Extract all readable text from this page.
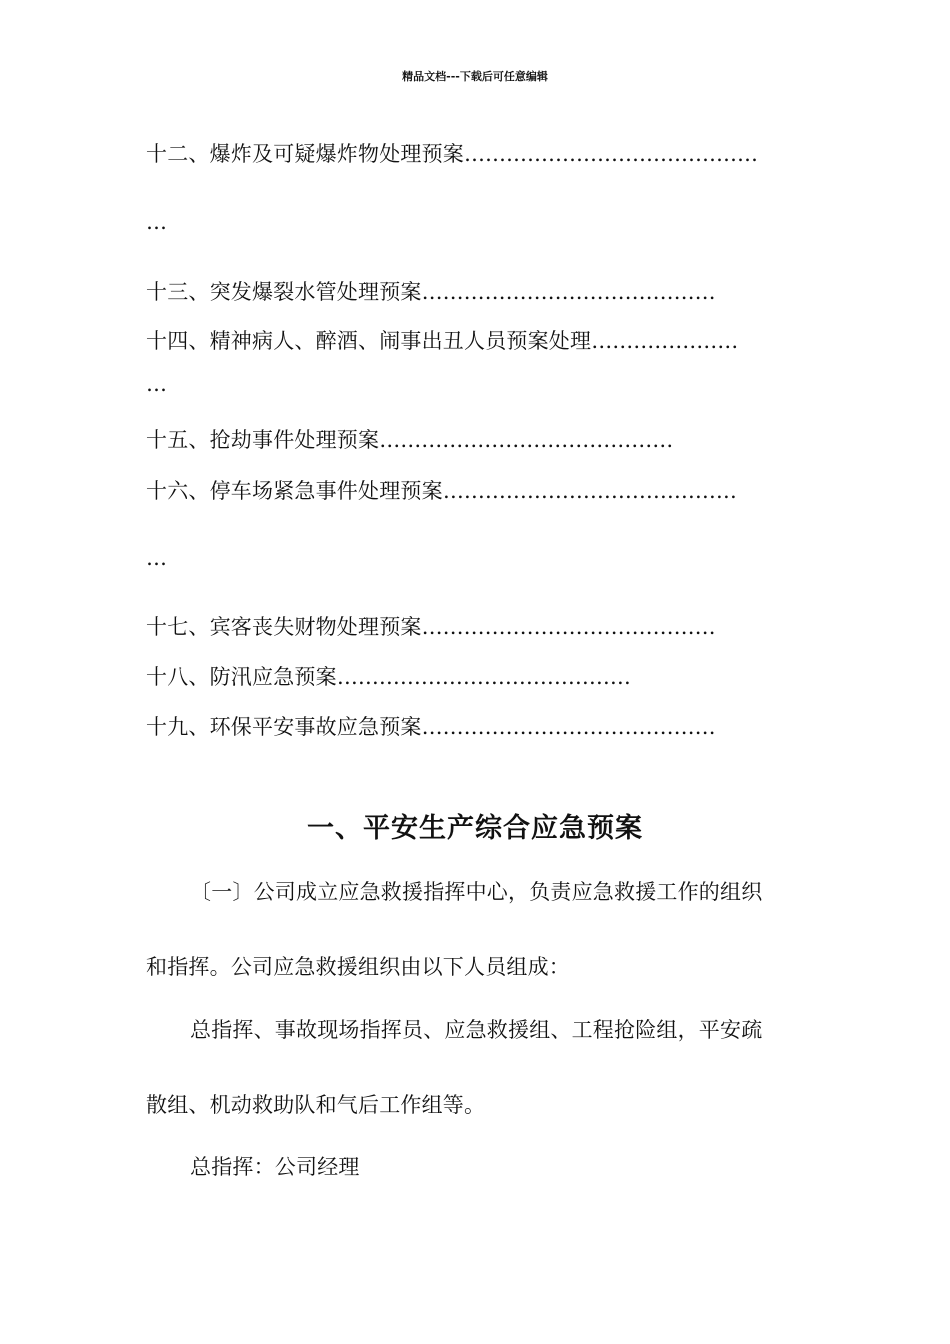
精品文档---下载后可任意编辑
十二、爆炸及可疑爆炸物处理预案……………………………………
…
十三、突发爆裂水管处理预案……………………………………
十四、精神病人、醉酒、闹事出丑人员预案处理…………………
…
十五、抢劫事件处理预案……………………………………
十六、停车场紧急事件处理预案……………………………………
…
十七、宾客丧失财物处理预案……………………………………
十八、防汛应急预案……………………………………
十九、环保平安事故应急预案……………………………………
一、平安生产综合应急预案
〔一〕公司成立应急救援指挥中心，负责应急救援工作的组织
和指挥。公司应急救援组织由以下人员组成：
总指挥、事故现场指挥员、应急救援组、工程抢险组，平安疏
散组、机动救助队和气后工作组等。
总指挥：公司经理
